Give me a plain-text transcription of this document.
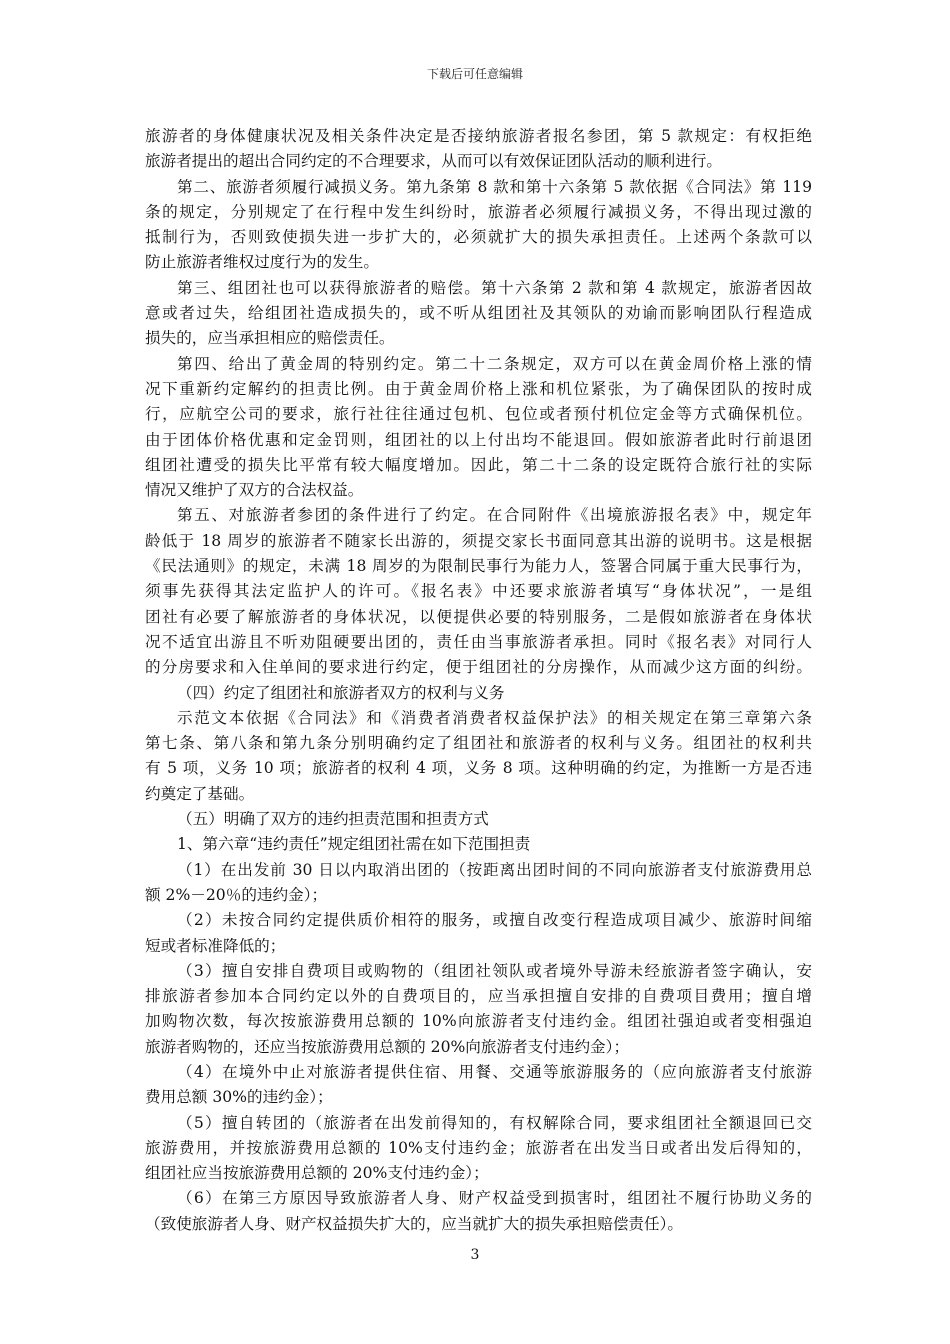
下载后可任意编辑
旅游者的身体健康状况及相关条件决定是否接纳旅游者报名参团，第 5 款规定：有权拒绝
旅游者提出的超出合同约定的不合理要求，从而可以有效保证团队活动的顺利进行。
第二、旅游者须履行减损义务。第九条第 8 款和第十六条第 5 款依据《合同法》第 119
条的规定，分别规定了在行程中发生纠纷时，旅游者必须履行减损义务，不得出现过激的
抵制行为，否则致使损失进一步扩大的，必须就扩大的损失承担责任。上述两个条款可以
防止旅游者维权过度行为的发生。
第三、组团社也可以获得旅游者的赔偿。第十六条第 2 款和第 4 款规定，旅游者因故
意或者过失，给组团社造成损失的，或不听从组团社及其领队的劝谕而影响团队行程造成
损失的，应当承担相应的赔偿责任。
第四、给出了黄金周的特别约定。第二十二条规定，双方可以在黄金周价格上涨的情
况下重新约定解约的担责比例。由于黄金周价格上涨和机位紧张，为了确保团队的按时成
行，应航空公司的要求，旅行社往往通过包机、包位或者预付机位定金等方式确保机位。
由于团体价格优惠和定金罚则，组团社的以上付出均不能退回。假如旅游者此时行前退团
组团社遭受的损失比平常有较大幅度增加。因此，第二十二条的设定既符合旅行社的实际
情况又维护了双方的合法权益。
第五、对旅游者参团的条件进行了约定。在合同附件《出境旅游报名表》中，规定年
龄低于 18 周岁的旅游者不随家长出游的，须提交家长书面同意其出游的说明书。这是根据
《民法通则》的规定，未满 18 周岁的为限制民事行为能力人，签署合同属于重大民事行为，
须事先获得其法定监护人的许可。《报名表》中还要求旅游者填写“身体状况”，一是组
团社有必要了解旅游者的身体状况，以便提供必要的特别服务，二是假如旅游者在身体状
况不适宜出游且不听劝阻硬要出团的，责任由当事旅游者承担。同时《报名表》对同行人
的分房要求和入住单间的要求进行约定，便于组团社的分房操作，从而减少这方面的纠纷。
（四）约定了组团社和旅游者双方的权利与义务
示范文本依据《合同法》和《消费者消费者权益保护法》的相关规定在第三章第六条
第七条、第八条和第九条分别明确约定了组团社和旅游者的权利与义务。组团社的权利共
有 5 项，义务 10 项；旅游者的权利 4 项，义务 8 项。这种明确的约定，为推断一方是否违
约奠定了基础。
（五）明确了双方的违约担责范围和担责方式
1、第六章“违约责任”规定组团社需在如下范围担责
（1）在出发前 30 日以内取消出团的（按距离出团时间的不同向旅游者支付旅游费用总
额 2%－20％的违约金）；
（2）未按合同约定提供质价相符的服务，或擅自改变行程造成项目减少、旅游时间缩
短或者标准降低的；
（3）擅自安排自费项目或购物的（组团社领队或者境外导游未经旅游者签字确认，安
排旅游者参加本合同约定以外的自费项目的，应当承担擅自安排的自费项目费用；擅自增
加购物次数，每次按旅游费用总额的 10%向旅游者支付违约金。组团社强迫或者变相强迫
旅游者购物的，还应当按旅游费用总额的 20%向旅游者支付违约金）；
（4）在境外中止对旅游者提供住宿、用餐、交通等旅游服务的（应向旅游者支付旅游
费用总额 30%的违约金）；
（5）擅自转团的（旅游者在出发前得知的，有权解除合同，要求组团社全额退回已交
旅游费用，并按旅游费用总额的 10%支付违约金；旅游者在出发当日或者出发后得知的，
组团社应当按旅游费用总额的 20%支付违约金）；
（6）在第三方原因导致旅游者人身、财产权益受到损害时，组团社不履行协助义务的
（致使旅游者人身、财产权益损失扩大的，应当就扩大的损失承担赔偿责任）。
3
